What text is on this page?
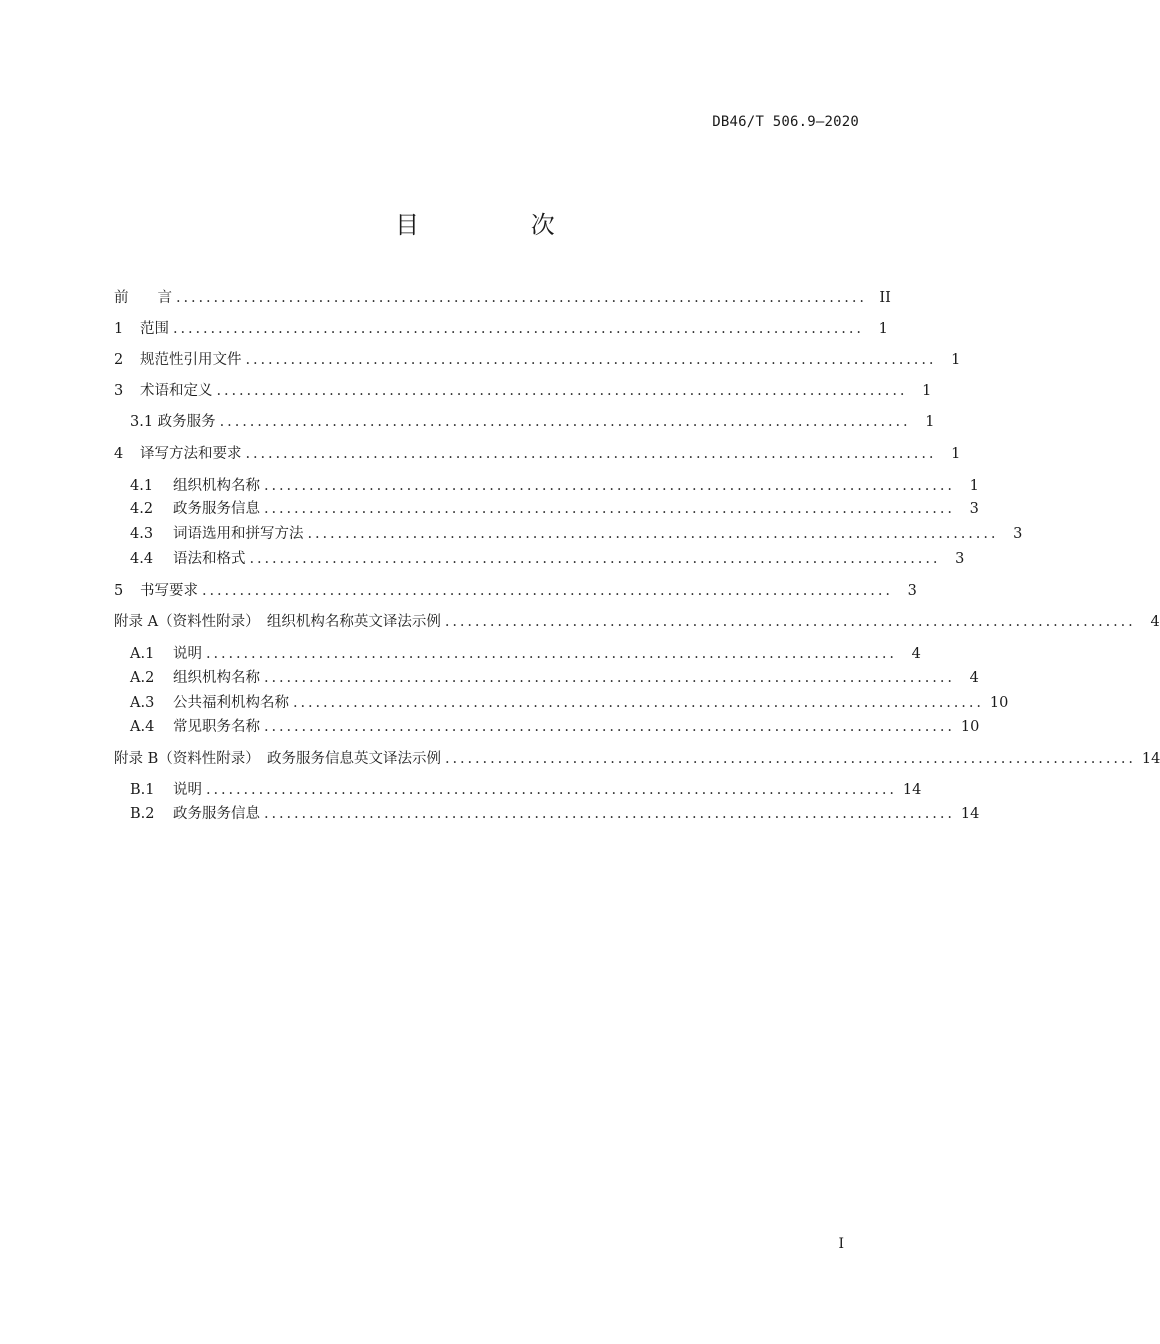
DB46/T 506.9—2020
目 次
前　　言 ............................................................................................ II
1	范围 ............................................................................................	1
2	规范性引用文件 ............................................................................................	1
3	术语和定义 ............................................................................................	1
3.1 政务服务 ............................................................................................	1
4	译写方法和要求 ............................................................................................	1
4.1	组织机构名称 ............................................................................................	1
4.2	政务服务信息 ............................................................................................	3
4.3	词语选用和拼写方法 ............................................................................................	3
4.4	语法和格式 ............................................................................................	3
5	书写要求 ............................................................................................	3
附录 A（资料性附录）　组织机构名称英文译法示例 ............................................................................................	4
A.1	说明 ............................................................................................	4
A.2	组织机构名称 ............................................................................................	4
A.3	公共福利机构名称 ............................................................................................ 10
A.4	常见职务名称 ............................................................................................ 10
附录 B（资料性附录）　政务服务信息英文译法示例 ............................................................................................ 14
B.1	说明 ............................................................................................ 14
B.2	政务服务信息 ............................................................................................ 14
I
